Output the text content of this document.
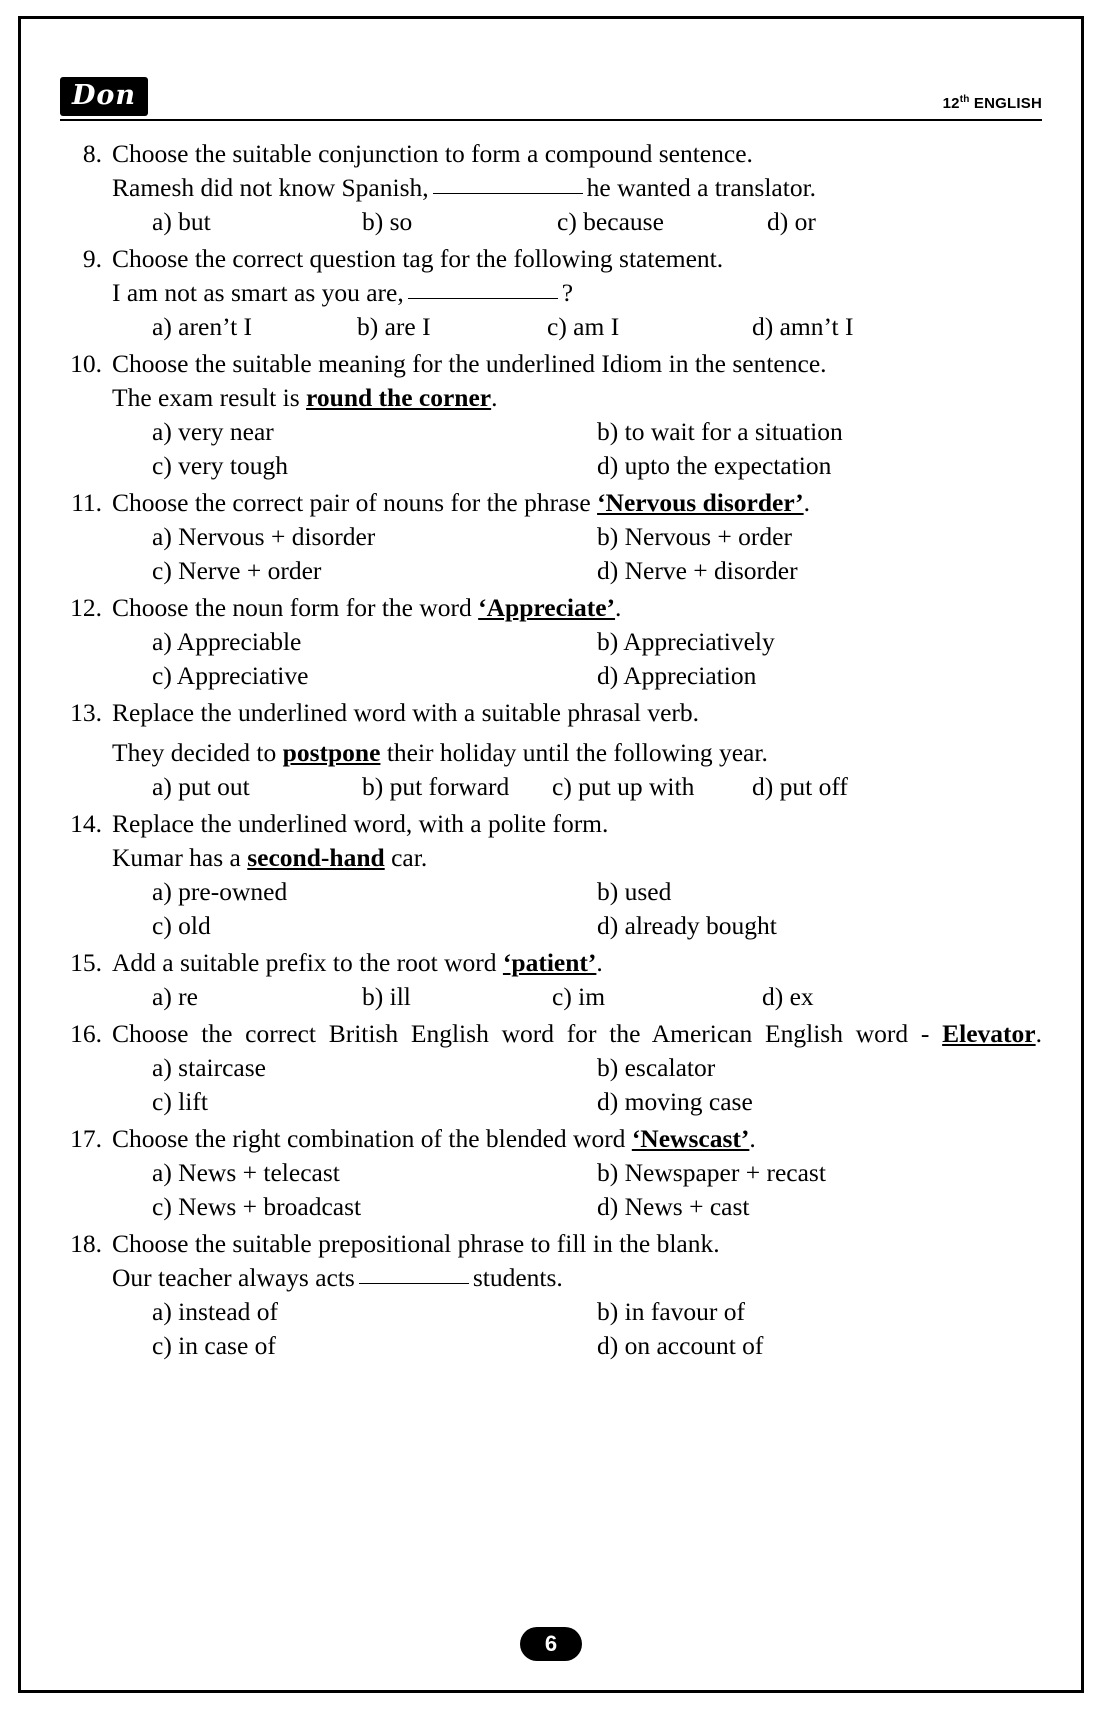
Don	12th ENGLISH
8. Choose the suitable conjunction to form a compound sentence.
Ramesh did not know Spanish,	he wanted a translator.
a) but	b) so	c) because	d) or
9. Choose the correct question tag for the following statement.
I am not as smart as you are,	?
a) aren’t I	b) are I	c) am I	d) amn’t I
10. Choose the suitable meaning for the underlined Idiom in the sentence.
The exam result is round the corner.
a) very near	b) to wait for a situation
c) very tough	d) upto the expectation
11. Choose the correct pair of nouns for the phrase ‘Nervous disorder’.
a) Nervous + disorder	b) Nervous + order
c) Nerve + order	d) Nerve + disorder
12. Choose the noun form for the word ‘Appreciate’.
a) Appreciable	b) Appreciatively
c) Appreciative	d) Appreciation
13. Replace the underlined word with a suitable phrasal verb.
They decided to postpone their holiday until the following year.
a) put out	b) put forward	c) put up with	d) put off
14. Replace the underlined word, with a polite form.
Kumar has a second-hand car.
a) pre-owned	b) used
c) old	d) already bought
15. Add a suitable prefix to the root word ‘patient’.
a) re	b) ill	c) im	d) ex
16. Choose the correct British English word for the American English word - Elevator.
a) staircase	b) escalator
c) lift	d) moving case
17. Choose the right combination of the blended word ‘Newscast’.
a) News + telecast	b) Newspaper + recast
c) News + broadcast	d) News + cast
18. Choose the suitable prepositional phrase to fill in the blank.
Our teacher always acts	students.
a) instead of	b) in favour of
c) in case of	d) on account of
6
